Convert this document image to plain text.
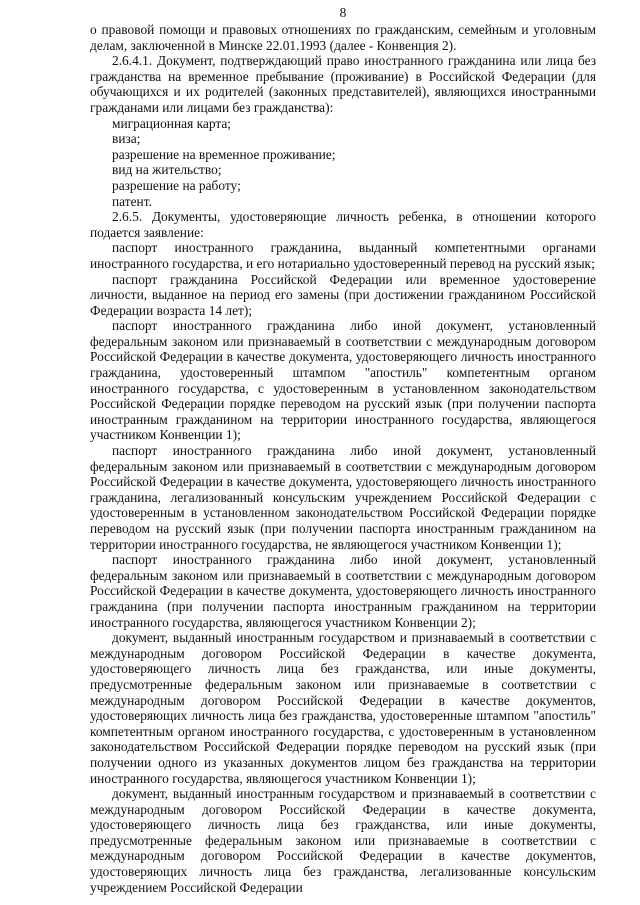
8

о правовой помощи и правовых отношениях по гражданским, семейным и уголовным делам, заключенной в Минске 22.01.1993 (далее - Конвенция 2).

2.6.4.1. Документ, подтверждающий право иностранного гражданина или лица без гражданства на временное пребывание (проживание) в Российской Федерации (для обучающихся и их родителей (законных представителей), являющихся иностранными гражданами или лицами без гражданства):

миграционная карта;

виза;

разрешение на временное проживание;

вид на жительство;

разрешение на работу;

патент.

2.6.5. Документы, удостоверяющие личность ребенка, в отношении которого подается заявление:

паспорт иностранного гражданина, выданный компетентными органами иностранного государства, и его нотариально удостоверенный перевод на русский язык;

паспорт гражданина Российской Федерации или временное удостоверение личности, выданное на период его замены (при достижении гражданином Российской Федерации возраста 14 лет);

паспорт иностранного гражданина либо иной документ, установленный федеральным законом или признаваемый в соответствии с международным договором Российской Федерации в качестве документа, удостоверяющего личность иностранного гражданина, удостоверенный штампом "апостиль" компетентным органом иностранного государства, с удостоверенным в установленном законодательством Российской Федерации порядке переводом на русский язык (при получении паспорта иностранным гражданином на территории иностранного государства, являющегося участником Конвенции 1);

паспорт иностранного гражданина либо иной документ, установленный федеральным законом или признаваемый в соответствии с международным договором Российской Федерации в качестве документа, удостоверяющего личность иностранного гражданина, легализованный консульским учреждением Российской Федерации с удостоверенным в установленном законодательством Российской Федерации порядке переводом на русский язык (при получении паспорта иностранным гражданином на территории иностранного государства, не являющегося участником Конвенции 1);

паспорт иностранного гражданина либо иной документ, установленный федеральным законом или признаваемый в соответствии с международным договором Российской Федерации в качестве документа, удостоверяющего личность иностранного гражданина (при получении паспорта иностранным гражданином на территории иностранного государства, являющегося участником Конвенции 2);

документ, выданный иностранным государством и признаваемый в соответствии с международным договором Российской Федерации в качестве документа, удостоверяющего личность лица без гражданства, или иные документы, предусмотренные федеральным законом или признаваемые в соответствии с международным договором Российской Федерации в качестве документов, удостоверяющих личность лица без гражданства, удостоверенные штампом "апостиль" компетентным органом иностранного государства, с удостоверенным в установленном законодательством Российской Федерации порядке переводом на русский язык (при получении одного из указанных документов лицом без гражданства на территории иностранного государства, являющегося участником Конвенции 1);

документ, выданный иностранным государством и признаваемый в соответствии с международным договором Российской Федерации в качестве документа, удостоверяющего личность лица без гражданства, или иные документы, предусмотренные федеральным законом или признаваемые в соответствии с международным договором Российской Федерации в качестве документов, удостоверяющих личность лица без гражданства, легализованные консульским учреждением Российской Федерации
